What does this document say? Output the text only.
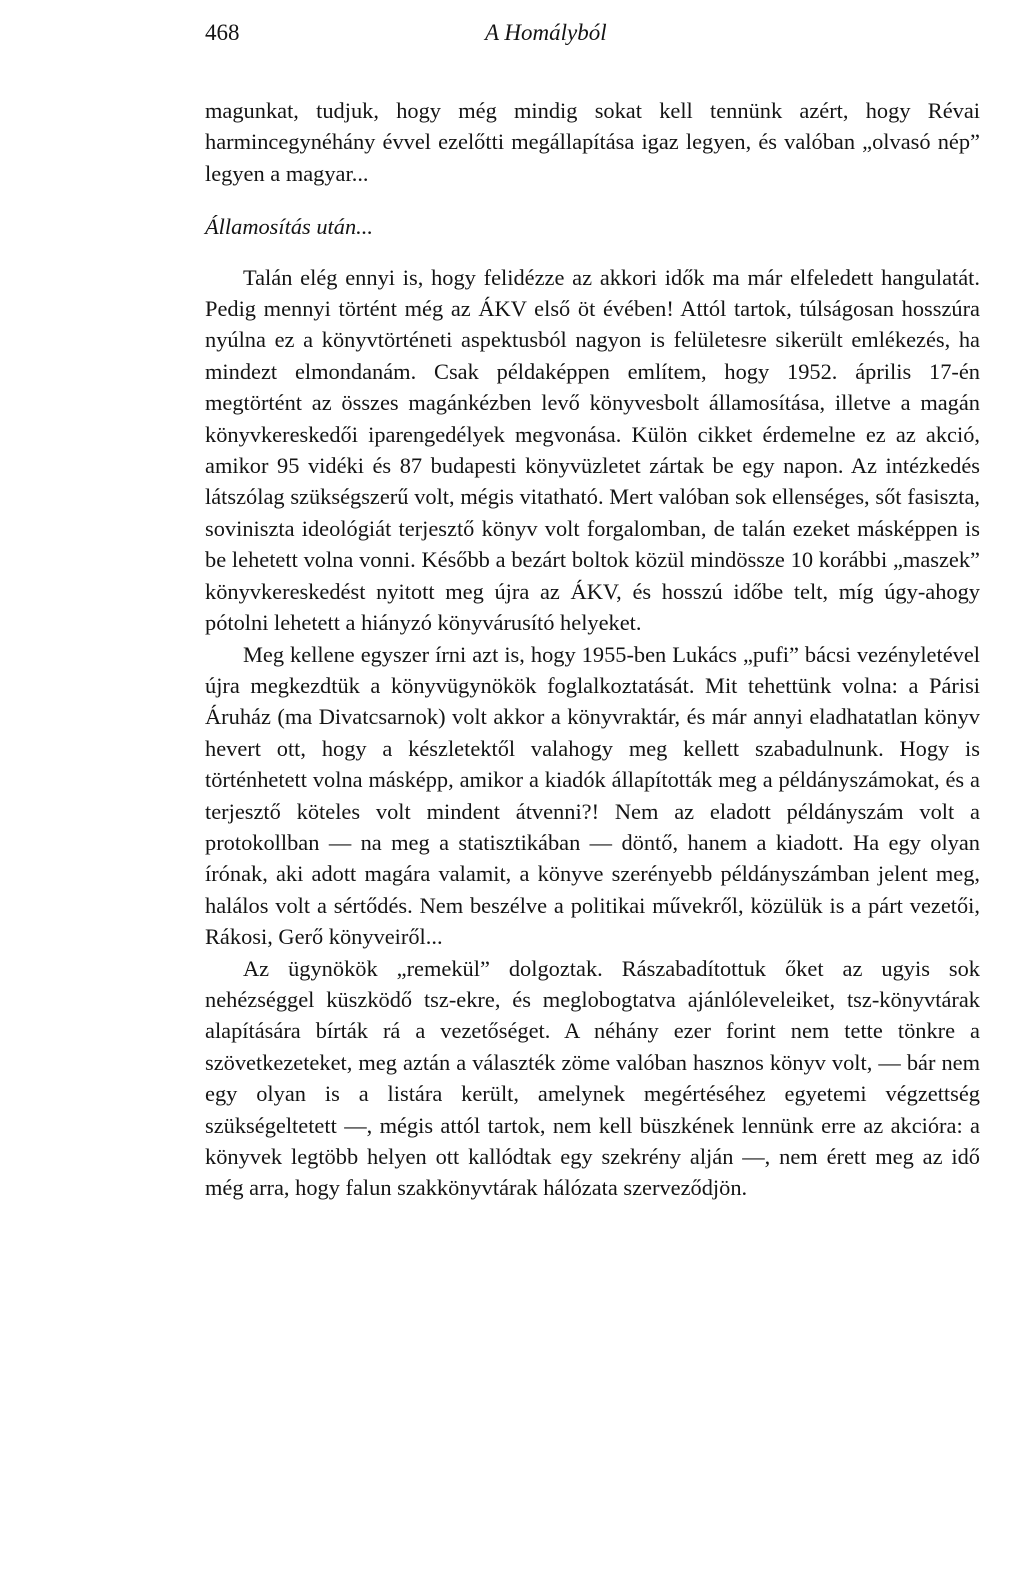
468	A Homályból

magunkat, tudjuk, hogy még mindig sokat kell tennünk azért, hogy Révai harmincegynéhány évvel ezelőtti megállapítása igaz legyen, és valóban „olvasó nép” legyen a magyar...

Államosítás után...

Talán elég ennyi is, hogy felidézze az akkori idők ma már elfeledett hangulatát. Pedig mennyi történt még az ÁKV első öt évében! Attól tartok, túlságosan hosszúra nyúlna ez a könyvtörténeti aspektusból nagyon is felületesre sikerült emlékezés, ha mindezt elmondanám. Csak példaképpen említem, hogy 1952. április 17-én megtörtént az összes magánkézben levő könyvesbolt államosítása, illetve a magán könyvkereskedői iparengedélyek megvonása. Külön cikket érdemelne ez az akció, amikor 95 vidéki és 87 budapesti könyvüzletet zártak be egy napon. Az intézkedés látszólag szükségszerű volt, mégis vitatható. Mert valóban sok ellenséges, sőt fasiszta, soviniszta ideológiát terjesztő könyv volt forgalomban, de talán ezeket másképpen is be lehetett volna vonni. Később a bezárt boltok közül mindössze 10 korábbi „maszek” könyvkereskedést nyitott meg újra az ÁKV, és hosszú időbe telt, míg úgy-ahogy pótolni lehetett a hiányzó könyvárusító helyeket.

Meg kellene egyszer írni azt is, hogy 1955-ben Lukács „pufi” bácsi vezényletével újra megkezdtük a könyvügynökök foglalkoztatását. Mit tehettünk volna: a Párisi Áruház (ma Divatcsarnok) volt akkor a könyvraktár, és már annyi eladhatatlan könyv hevert ott, hogy a készletektől valahogy meg kellett szabadulnunk. Hogy is történhetett volna másképp, amikor a kiadók állapították meg a példányszámokat, és a terjesztő köteles volt mindent átvenni?! Nem az eladott példányszám volt a protokollban — na meg a statisztikában — döntő, hanem a kiadott. Ha egy olyan írónak, aki adott magára valamit, a könyve szerényebb példányszámban jelent meg, halálos volt a sértődés. Nem beszélve a politikai művekről, közülük is a párt vezetői, Rákosi, Gerő könyveiről...

Az ügynökök „remekül” dolgoztak. Rászabadítottuk őket az ugyis sok nehézséggel küszködő tsz-ekre, és meglobogtatva ajánlóleveleiket, tsz-könyvtárak alapítására bírták rá a vezetőséget. A néhány ezer forint nem tette tönkre a szövetkezeteket, meg aztán a választék zöme valóban hasznos könyv volt, — bár nem egy olyan is a listára került, amelynek megértéséhez egyetemi végzettség szükségeltetett —, mégis attól tartok, nem kell büszkének lennünk erre az akcióra: a könyvek legtöbb helyen ott kallódtak egy szekrény alján —, nem érett meg az idő még arra, hogy falun szakkönyvtárak hálózata szerveződjön.
